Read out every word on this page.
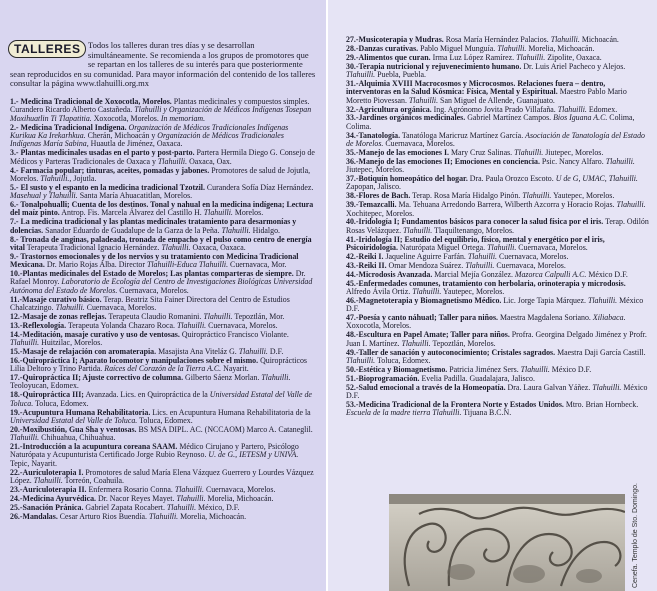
Todos los talleres duran tres días y se desarrollan simultáneamente. Se recomienda a los grupos de promotores que se repartan en los talleres de su interés para que posteriormente sean reproducidos en su comunidad. Para mayor información del contenido de los talleres consultar la página www.tlahuilli.org.mx
TALLERES
1.- Medicina Tradicional de Xoxocotla, Morelos. Plantas medicinales y compuestos simples. Curandero Ricardo Alberto Castañeda. Tlahuilli y Organización de Médicos Indígenas Tosepan Moxihuatlin Ti Tlapatitia. Xoxocotla, Morelos. In memoriam.
2.- Medicina Tradicional Indígena. Organización de Médicos Tradicionales Indígenas Kurikua Ka Irekarhkua. Cherán, Michoacán y Organización de Médicos Tradicionales Indígenas María Sabina, Huautla de Jiménez, Oaxaca.
3.- Plantas medicinales usadas en el parto y post-parto. Partera Hermila Diego G. Consejo de Médicos y Parteras Tradicionales de Oaxaca y Tlahuilli. Oaxaca, Oax.
4.- Farmacia popular; tinturas, aceites, pomadas y jabones. Promotores de salud de Jojutla, Morelos. Tlahuilli., Jojutla.
5.- El susto y el espanto en la medicina tradicional Tzotzil. Curandera Sofía Díaz Hernández. Masehual y Tlahuilli. Santa María Ahuacatitlan, Morelos.
6.- Tonalpohualli; Cuenta de los destinos. Tonal y nahual en la medicina indígena; Lectura del maíz pinto. Antrop. Fis. Marcela Álvarez del Castillo H. Tlahuilli. Morelos.
7.- La medicina tradicional y las plantas medicinales tratamiento para desarmonías y dolencias. Sanador Eduardo de Guadalupe de la Garza de la Peña. Tlahuilli. Hidalgo.
8.- Tronada de anginas, paladeada, tronada de empacho y el pulso como centro de energía vital Terapeuta Tradicional Ignacio Hernández. Tlahuilli. Oaxaca, Oaxaca.
9.- Trastornos emocionales y de los nervios y su tratamiento con Medicina Tradicional Mexicana. Dr. Mario Rojas Alba. Director Tlahuilli-Educa Tlahuilli. Cuernavaca, Mor.
10.-Plantas medicinales del Estado de Morelos; Las plantas comparteras de siempre. Dr. Rafael Monroy. Laboratorio de Ecología del Centro de Investigaciones Biológicas Universidad Autónoma del Estado de Morelos. Cuernavaca, Morelos.
11.-Masaje curativo básico. Terap. Beatriz Sita Fainer Directora del Centro de Estudios Chalcatzingo. Tlahuilli. Cuernavaca, Morelos.
12.-Masaje de zonas reflejas. Terapeuta Claudio Romanini. Tlahuilli. Tepoztlán, Mor.
13.-Reflexología. Terapeuta Yolanda Chazaro Roca. Tlahuilli. Cuernavaca, Morelos.
14.-Meditación, masaje curativo y uso de ventosas. Quiropráctico Francisco Violante. Tlahuilli. Huitzilac, Morelos.
15.-Masaje de relajación con aromaterapia. Masajista Ana Viteláz G. Tlahuilli. D.F.
16.-Quiropráctica I; Aparato locomotor y manipulaciones sobre el mismo. Quiroprácticos Lilia Deltoro y Trino Partida. Raíces del Corazón de la Tierra A.C. Nayarit.
17.-Quiropráctica II; Ajuste correctivo de columna. Gilberto Sáenz Morlan. Tlahuilli. Teoloyucan, Edomex.
18.-Quiropráctica III; Avanzada. Lics. en Quiropráctica de la Universidad Estatal del Valle de Toluca. Toluca, Edomex.
19.-Acupuntura Humana Rehabilitatoria. Lics. en Acupuntura Humana Rehabilitatoria de la Universidad Estatal del Valle de Toluca. Toluca, Edomex.
20.-Moxibustión, Gua Sha y ventosas. BS MSA DIPL. AC. (NCCAOM) Marco A. Cataneglil. Tlahuilli. Chihuahua, Chihuahua.
21.-Introducción a la acupuntura coreana SAAM. Médico Cirujano y Partero, Psicólogo Naturópata y Acupunturista Certificado Jorge Rubio Reynoso. U. de G., IETESM y UNIVA. Tepic, Nayarit.
22.-Auriculoterapia I. Promotores de salud María Elena Vázquez Guerrero y Lourdes Vázquez López. Tlahuilli. Torreón, Coahuila.
23.-Auriculoterapia II. Enfermera Rosario Conna. Tlahuilli. Cuernavaca, Morelos.
24.-Medicina Ayurvédica. Dr. Nacor Reyes Mayet. Tlahuilli. Morelia, Michoacán.
25.-Sanación Pránica. Gabriel Zapata Rocabert. Tlahuilli. México, D.F.
26.-Mandalas. Cesar Arturo Rios Buendía. Tlahuilli. Morelia, Michoacán.
27.-Musicoterapia y Mudras. Rosa María Hernández Palacios. Tlahuilli. Michoacán.
28.-Danzas curativas. Pablo Miguel Munguía. Tlahuilli. Morelia, Michoacán.
29.-Alimentos que curan. Irma Luz López Ramírez. Tlahuilli. Zipolite, Oaxaca.
30.-Terapia nutricional y rejuvenecimiento humano. Dr. Luis Ariel Pacheco y Alejos. Tlahuilli. Puebla, Puebla.
31.-Alquimia XVIII Macrocosmos y Microcosmos. Relaciones fuera – dentro, interventoras en la Salud Kósmica: Física, Mental y Espiritual. Maestro Pablo Mario Moretto Piovessan. Tlahuilli. San Miguel de Allende, Guanajuato.
32.-Agricultura orgánica. Ing. Agrónomo Jovita Prado Villafaña. Tlahuilli. Edomex.
33.-Jardines orgánicos medicinales. Gabriel Martínez Campos. Bios Iguana A.C. Colima, Colima.
34.-Tanatología. Tanatóloga Maricruz Martínez García. Asociación de Tanatología del Estado de Morelos. Cuernavaca, Morelos.
35.-Manejo de las emociones I. Mary Cruz Salinas. Tlahuilli. Jiutepec, Morelos.
36.-Manejo de las emociones II; Emociones en conciencia. Psic. Nancy Alfaro. Tlahuilli. Jiutepec, Morelos.
37.-Botiquín homeopático del hogar. Dra. Paula Orozco Escoto. U de G, UMAC, Tlahuilli. Zapopan, Jalisco.
38.-Flores de Bach. Terap. Rosa María Hidalgo Pinón. Tlahuilli. Yautepec, Morelos.
39.-Temazcalli. Ma. Tehuana Arredondo Barrera, Wilberth Azcorra y Horacio Rojas. Tlahuilli. Xochitepec, Morelos.
40.-Iridología I; Fundamentos básicos para conocer la salud física por el iris. Terap. Odilón Rosas Velázquez. Tlahuilli. Tlaquiltenango, Morelos.
41.-Iridología II; Estudio del equilibrio, físico, mental y energético por el iris, Psicoiridología. Naturópata Miguel Ortega. Tlahuilli. Cuernavaca, Morelos.
42.-Reiki I. Jaqueline Aguirre Farfán. Tlahuilli. Cuernavaca, Morelos.
43.-Reiki II. Omar Mendoza Suárez. Tlahuilli. Cuernavaca, Morelos.
44.-Microdosis Avanzada. Marcial Mejía González. Mazorca Calpulli A.C. México D.F.
45.-Enfermedades comunes, tratamiento con herbolaria, orinoterapia y microdosis. Alfredo Ávila Ortiz. Tlahuilli. Yautepec, Morelos.
46.-Magnetoterapia y Biomagnetismo Médico. Lic. Jorge Tapia Márquez. Tlahuilli. México D.F.
47.-Poesía y canto náhuatl; Taller para niños. Maestra Magdalena Soriano. Xiliabaca. Xoxocotla, Morelos.
48.-Escultura en Papel Amate; Taller para niños. Profra. Georgina Delgado Jiménez y Profr. Juan I. Martínez. Tlahuilli. Tepoztlán, Morelos.
49.-Taller de sanación y autoconocimiento; Cristales sagrados. Maestra Daji García Castill. Tlahuilli. Toluca, Edomex.
50.-Estética y Biomagnetismo. Patricia Jiménez Sers. Tlahuilli. México D.F.
51.-Bioprogramación. Evelia Padilla. Guadalajara, Jalisco.
52.-Salud emocional a través de la Homeopatía. Dra. Laura Galvan Yáñez. Tlahuilli. México D.F.
53.-Medicina Tradicional de la Frontera Norte y Estados Unidos. Mtro. Brian Hornbeck. Escuela de la madre tierra Tlahuilli. Tijuana B.C.N.
Cenefa. Templo de Sto. Domingo.
